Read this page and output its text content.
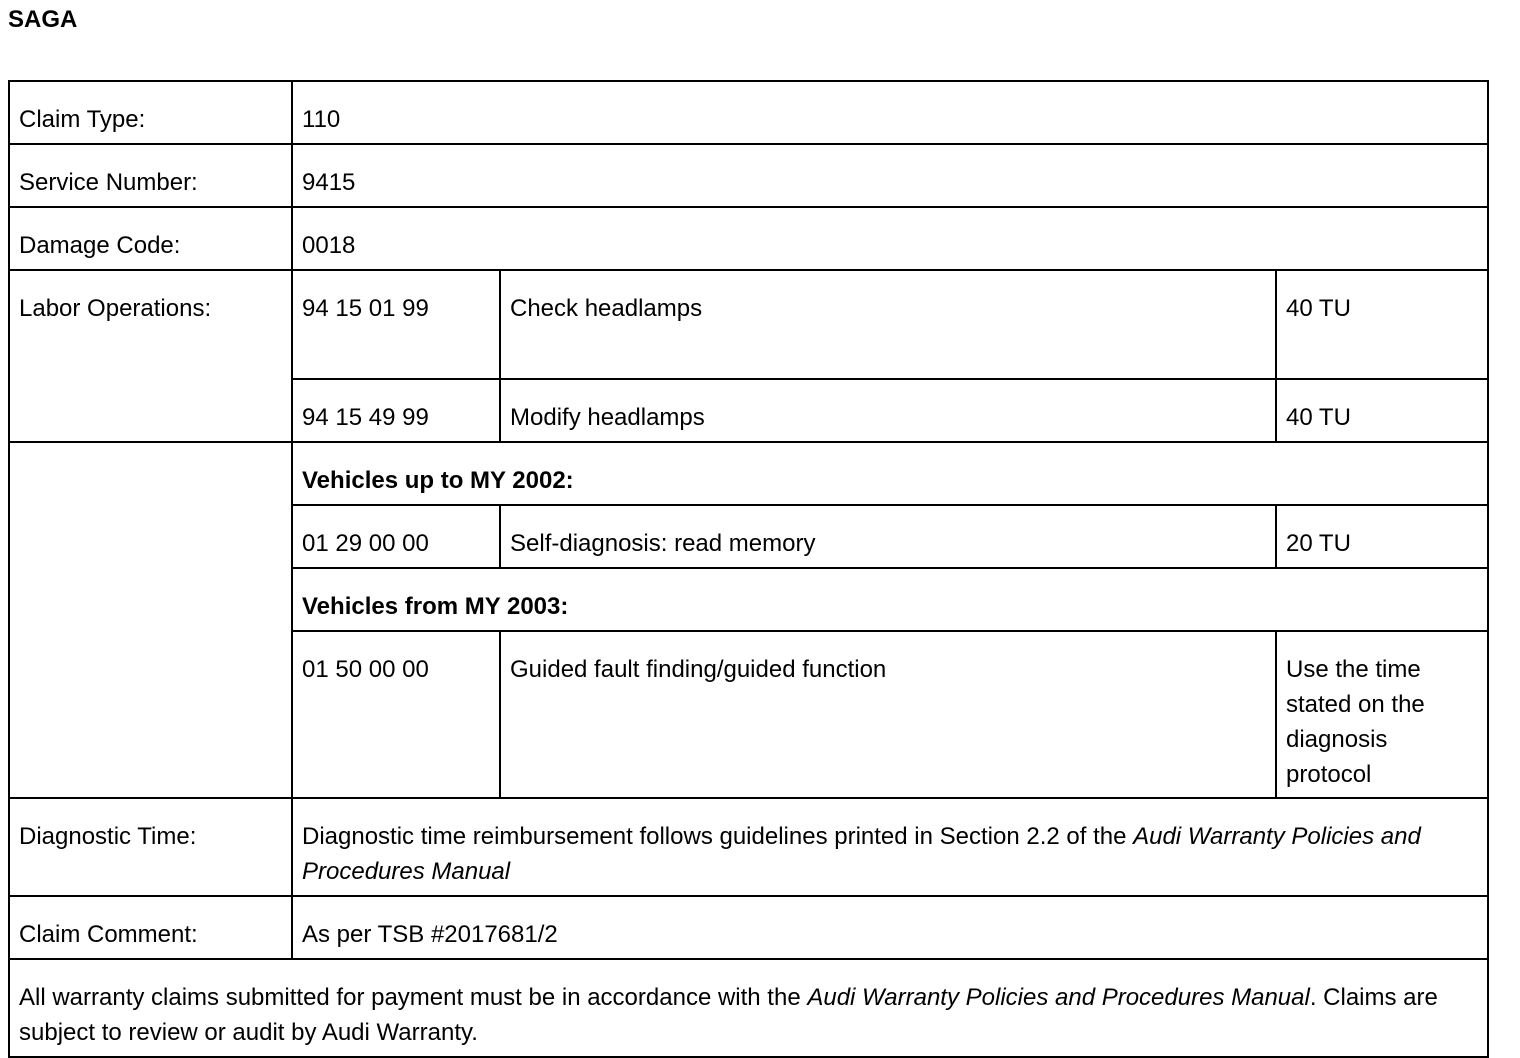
SAGA
Claim Type:	110		
Service Number:	9415		
Damage Code:	0018		
Labor Operations:	94 15 01 99	Check headlamps	40 TU
	94 15 49 99	Modify headlamps	40 TU
	Vehicles up to MY 2002:		
	01 29 00 00	Self-diagnosis: read memory	20 TU
	Vehicles from MY 2003:		
	01 50 00 00	Guided fault finding/guided function	Use the time stated on the diagnosis protocol
Diagnostic Time:	Diagnostic time reimbursement follows guidelines printed in Section 2.2 of the Audi Warranty Policies and Procedures Manual		
Claim Comment:	As per TSB #2017681/2		
All warranty claims submitted for payment must be in accordance with the Audi Warranty Policies and Procedures Manual. Claims are subject to review or audit by Audi Warranty.			
